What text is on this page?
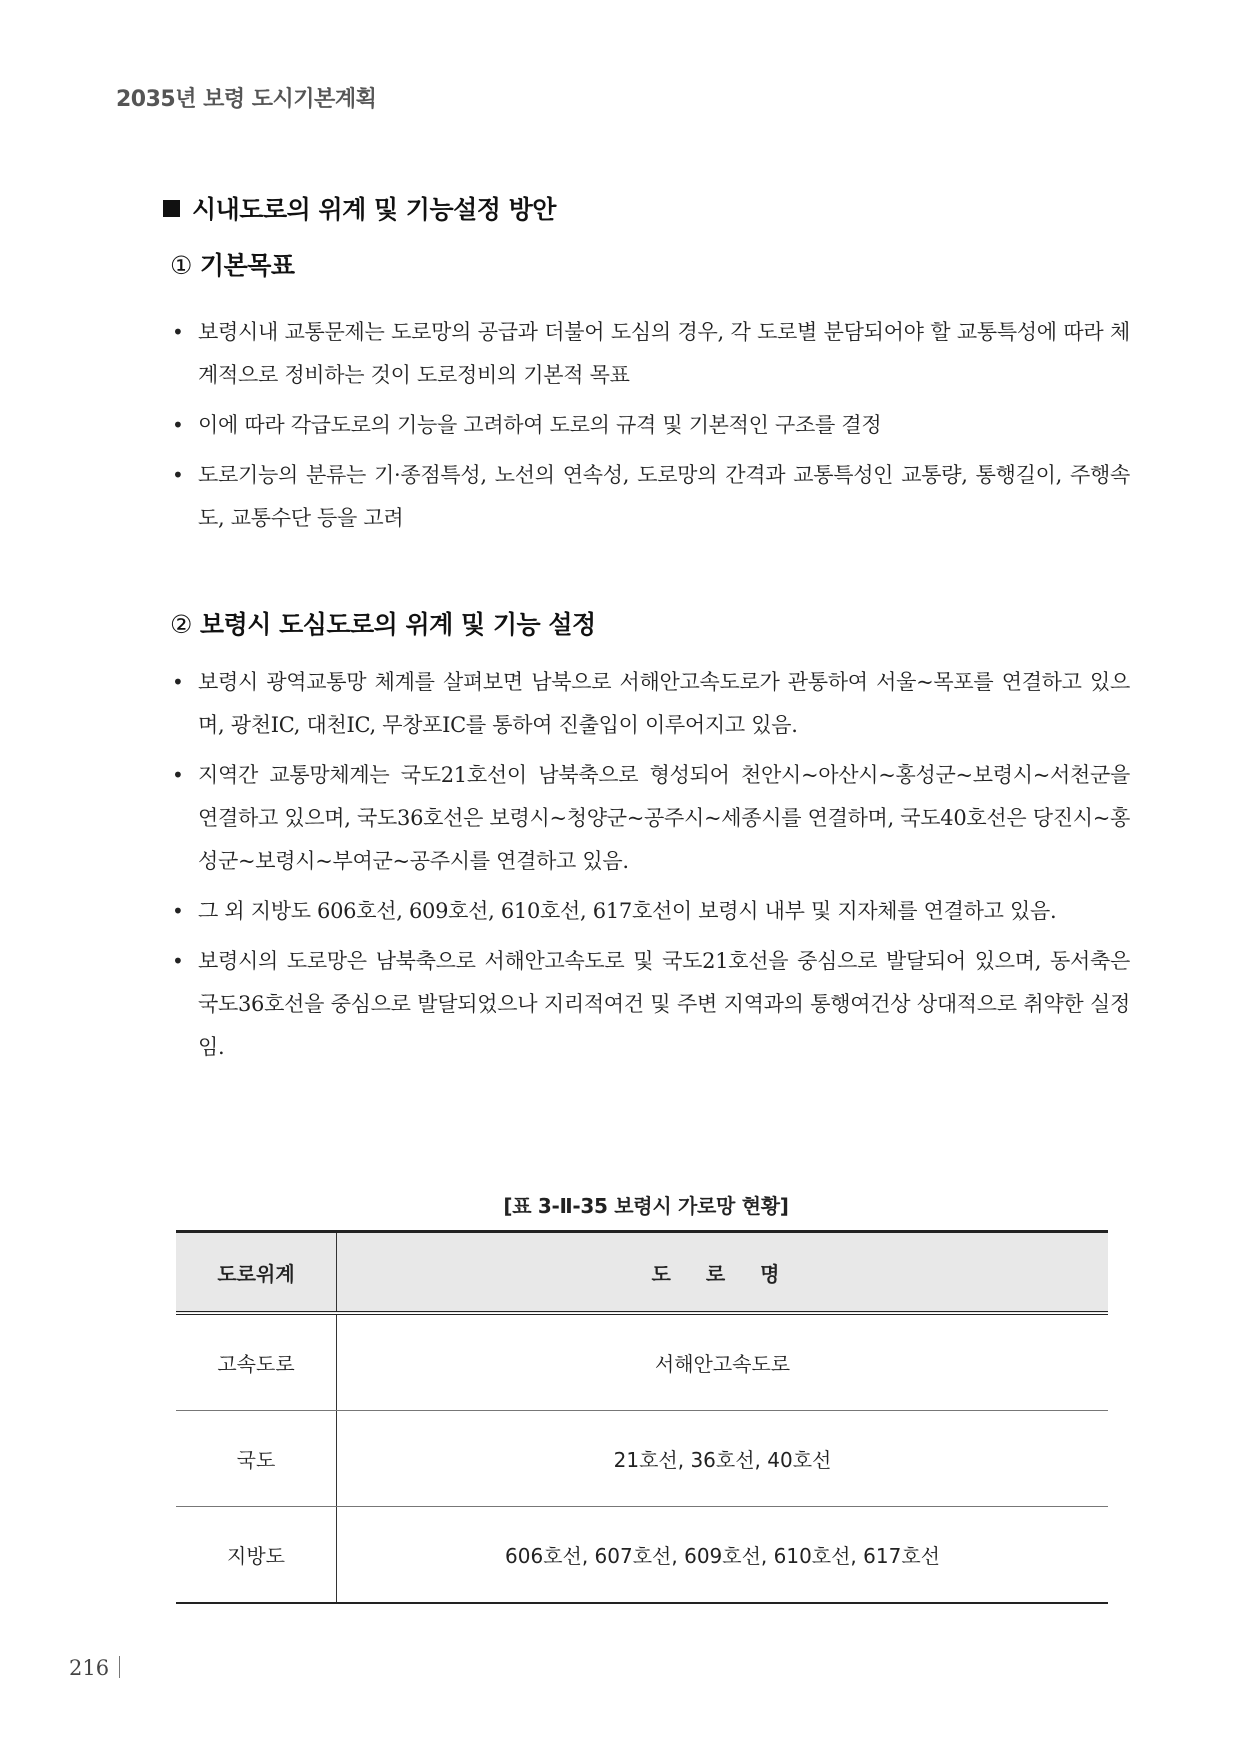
2035년 보령 도시기본계획
시내도로의 위계 및 기능설정 방안
① 기본목표
• 보령시내 교통문제는 도로망의 공급과 더불어 도심의 경우, 각 도로별 분담되어야 할 교통특성에 따라 체계적으로 정비하는 것이 도로정비의 기본적 목표
• 이에 따라 각급도로의 기능을 고려하여 도로의 규격 및 기본적인 구조를 결정
• 도로기능의 분류는 기·종점특성, 노선의 연속성, 도로망의 간격과 교통특성인 교통량, 통행길이, 주행속도, 교통수단 등을 고려
② 보령시 도심도로의 위계 및 기능 설정
• 보령시 광역교통망 체계를 살펴보면 남북으로 서해안고속도로가 관통하여 서울~목포를 연결하고 있으며, 광천IC, 대천IC, 무창포IC를 통하여 진출입이 이루어지고 있음.
• 지역간 교통망체계는 국도21호선이 남북축으로 형성되어 천안시~아산시~홍성군~보령시~서천군을 연결하고 있으며, 국도36호선은 보령시~청양군~공주시~세종시를 연결하며, 국도40호선은 당진시~홍성군~보령시~부여군~공주시를 연결하고 있음.
• 그 외 지방도 606호선, 609호선, 610호선, 617호선이 보령시 내부 및 지자체를 연결하고 있음.
• 보령시의 도로망은 남북축으로 서해안고속도로 및 국도21호선을 중심으로 발달되어 있으며, 동서축은 국도36호선을 중심으로 발달되었으나 지리적여건 및 주변 지역과의 통행여건상 상대적으로 취약한 실정임.
[표 3-Ⅱ-35 보령시 가로망 현황]
도로위계	도 로 명
고속도로	서해안고속도로
국도	21호선, 36호선, 40호선
지방도	606호선, 607호선, 609호선, 610호선, 617호선
216
